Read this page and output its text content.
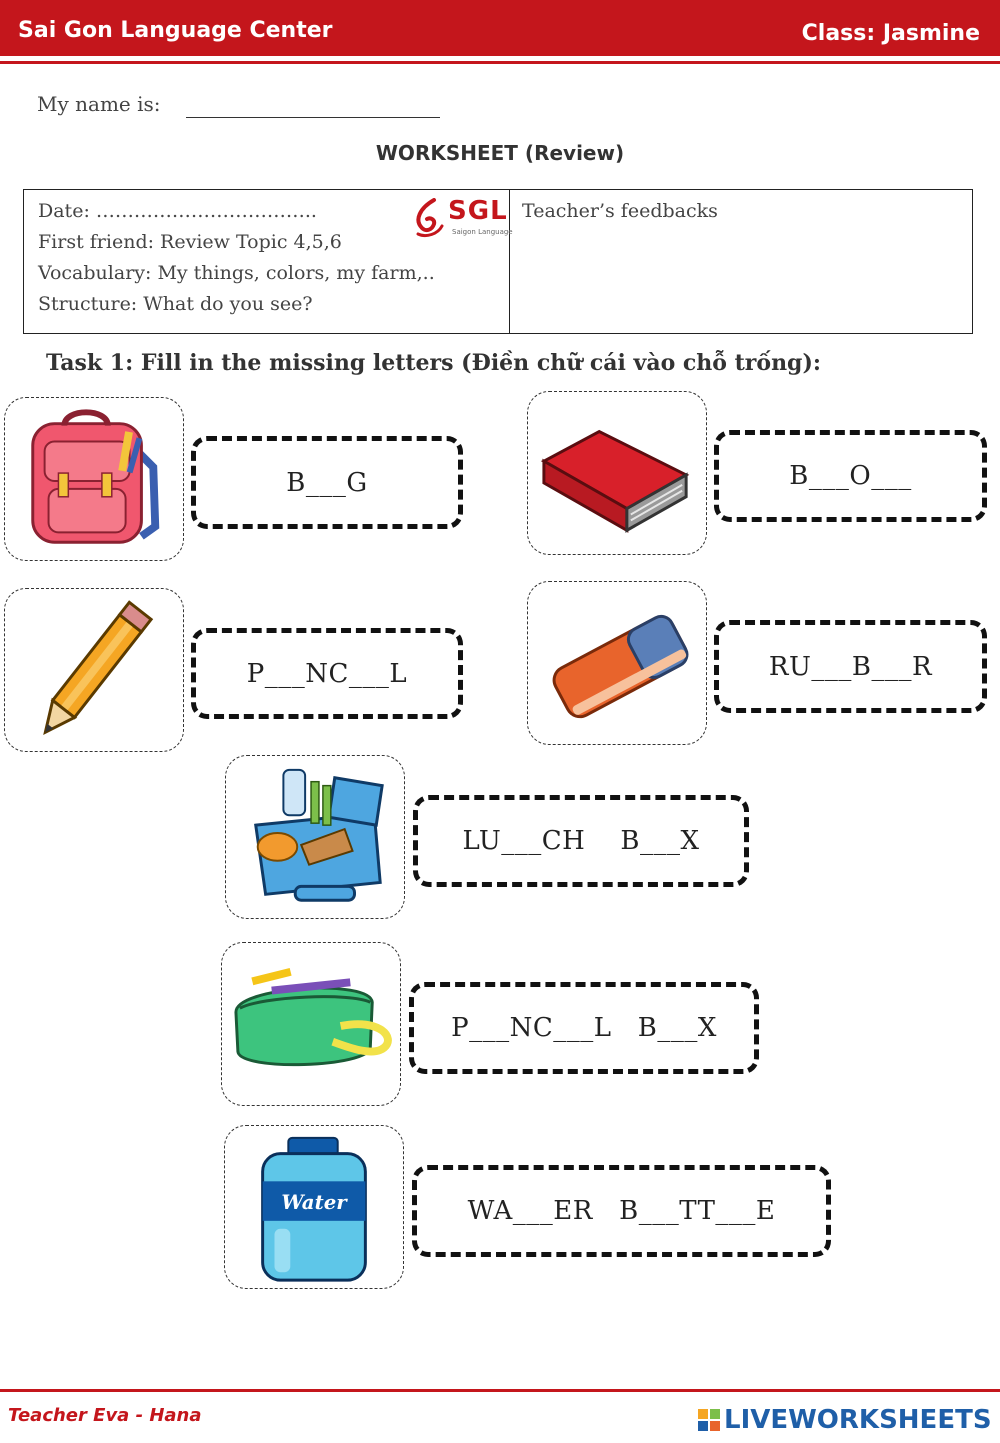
Sai Gon Language Center	Class: Jasmine
My name is:
WORKSHEET (Review)
Date: ……………………………..
First friend: Review Topic 4,5,6
Vocabulary: My things, colors, my farm,..
Structure: What do you see?
SGL
Saigon Language
Teacher’s feedbacks
Task 1: Fill in the missing letters (Điền chữ cái vào chỗ trống):
B___G	B___O___
P___NC___L	RU___B___R
LU___CH    B___X
P___NC___L   B___X
Water	WA___ER   B___TT___E
Teacher Eva - Hana	LIVEWORKSHEETS
